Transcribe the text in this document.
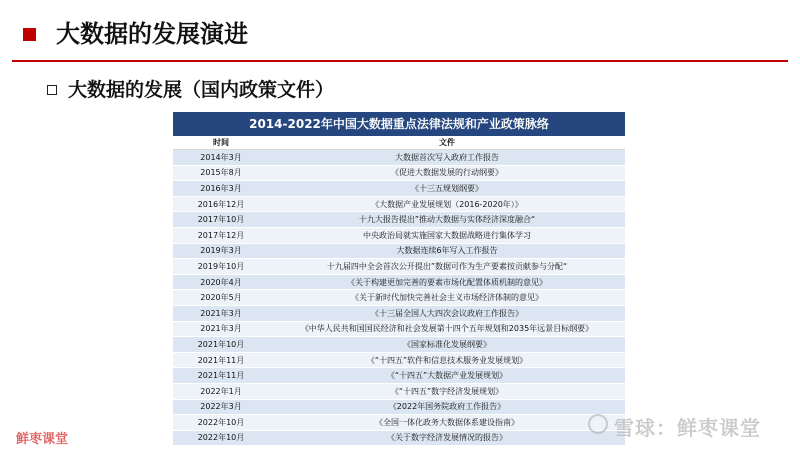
大数据的发展演进
大数据的发展（国内政策文件）
2014-2022年中国大数据重点法律法规和产业政策脉络
时间	文件
2014年3月	大数据首次写入政府工作报告
2015年8月	《促进大数据发展的行动纲要》
2016年3月	《十三五规划纲要》
2016年12月	《大数据产业发展规划（2016-2020年）》
2017年10月	十九大报告提出”推动大数据与实体经济深度融合“
2017年12月	中央政治局就实施国家大数据战略进行集体学习
2019年3月	大数据连续6年写入工作报告
2019年10月	十九届四中全会首次公开提出”数据可作为生产要素按贡献参与分配“
2020年4月	《关于构建更加完善的要素市场化配置体质机制的意见》
2020年5月	《关于新时代加快完善社会主义市场经济体制的意见》
2021年3月	《十三届全国人大四次会议政府工作报告》
2021年3月	《中华人民共和国国民经济和社会发展第十四个五年规划和2035年远景目标纲要》
2021年10月	《国家标准化发展纲要》
2021年11月	《“十四五”软件和信息技术服务业发展规划》
2021年11月	《“十四五”大数据产业发展规划》
2022年1月	《“十四五”数字经济发展规划》
2022年3月	《2022年国务院政府工作报告》
2022年10月	《全国一体化政务大数据体系建设指南》
2022年10月	《关于数字经济发展情况的报告》
鲜枣课堂	雪球：鲜枣课堂
